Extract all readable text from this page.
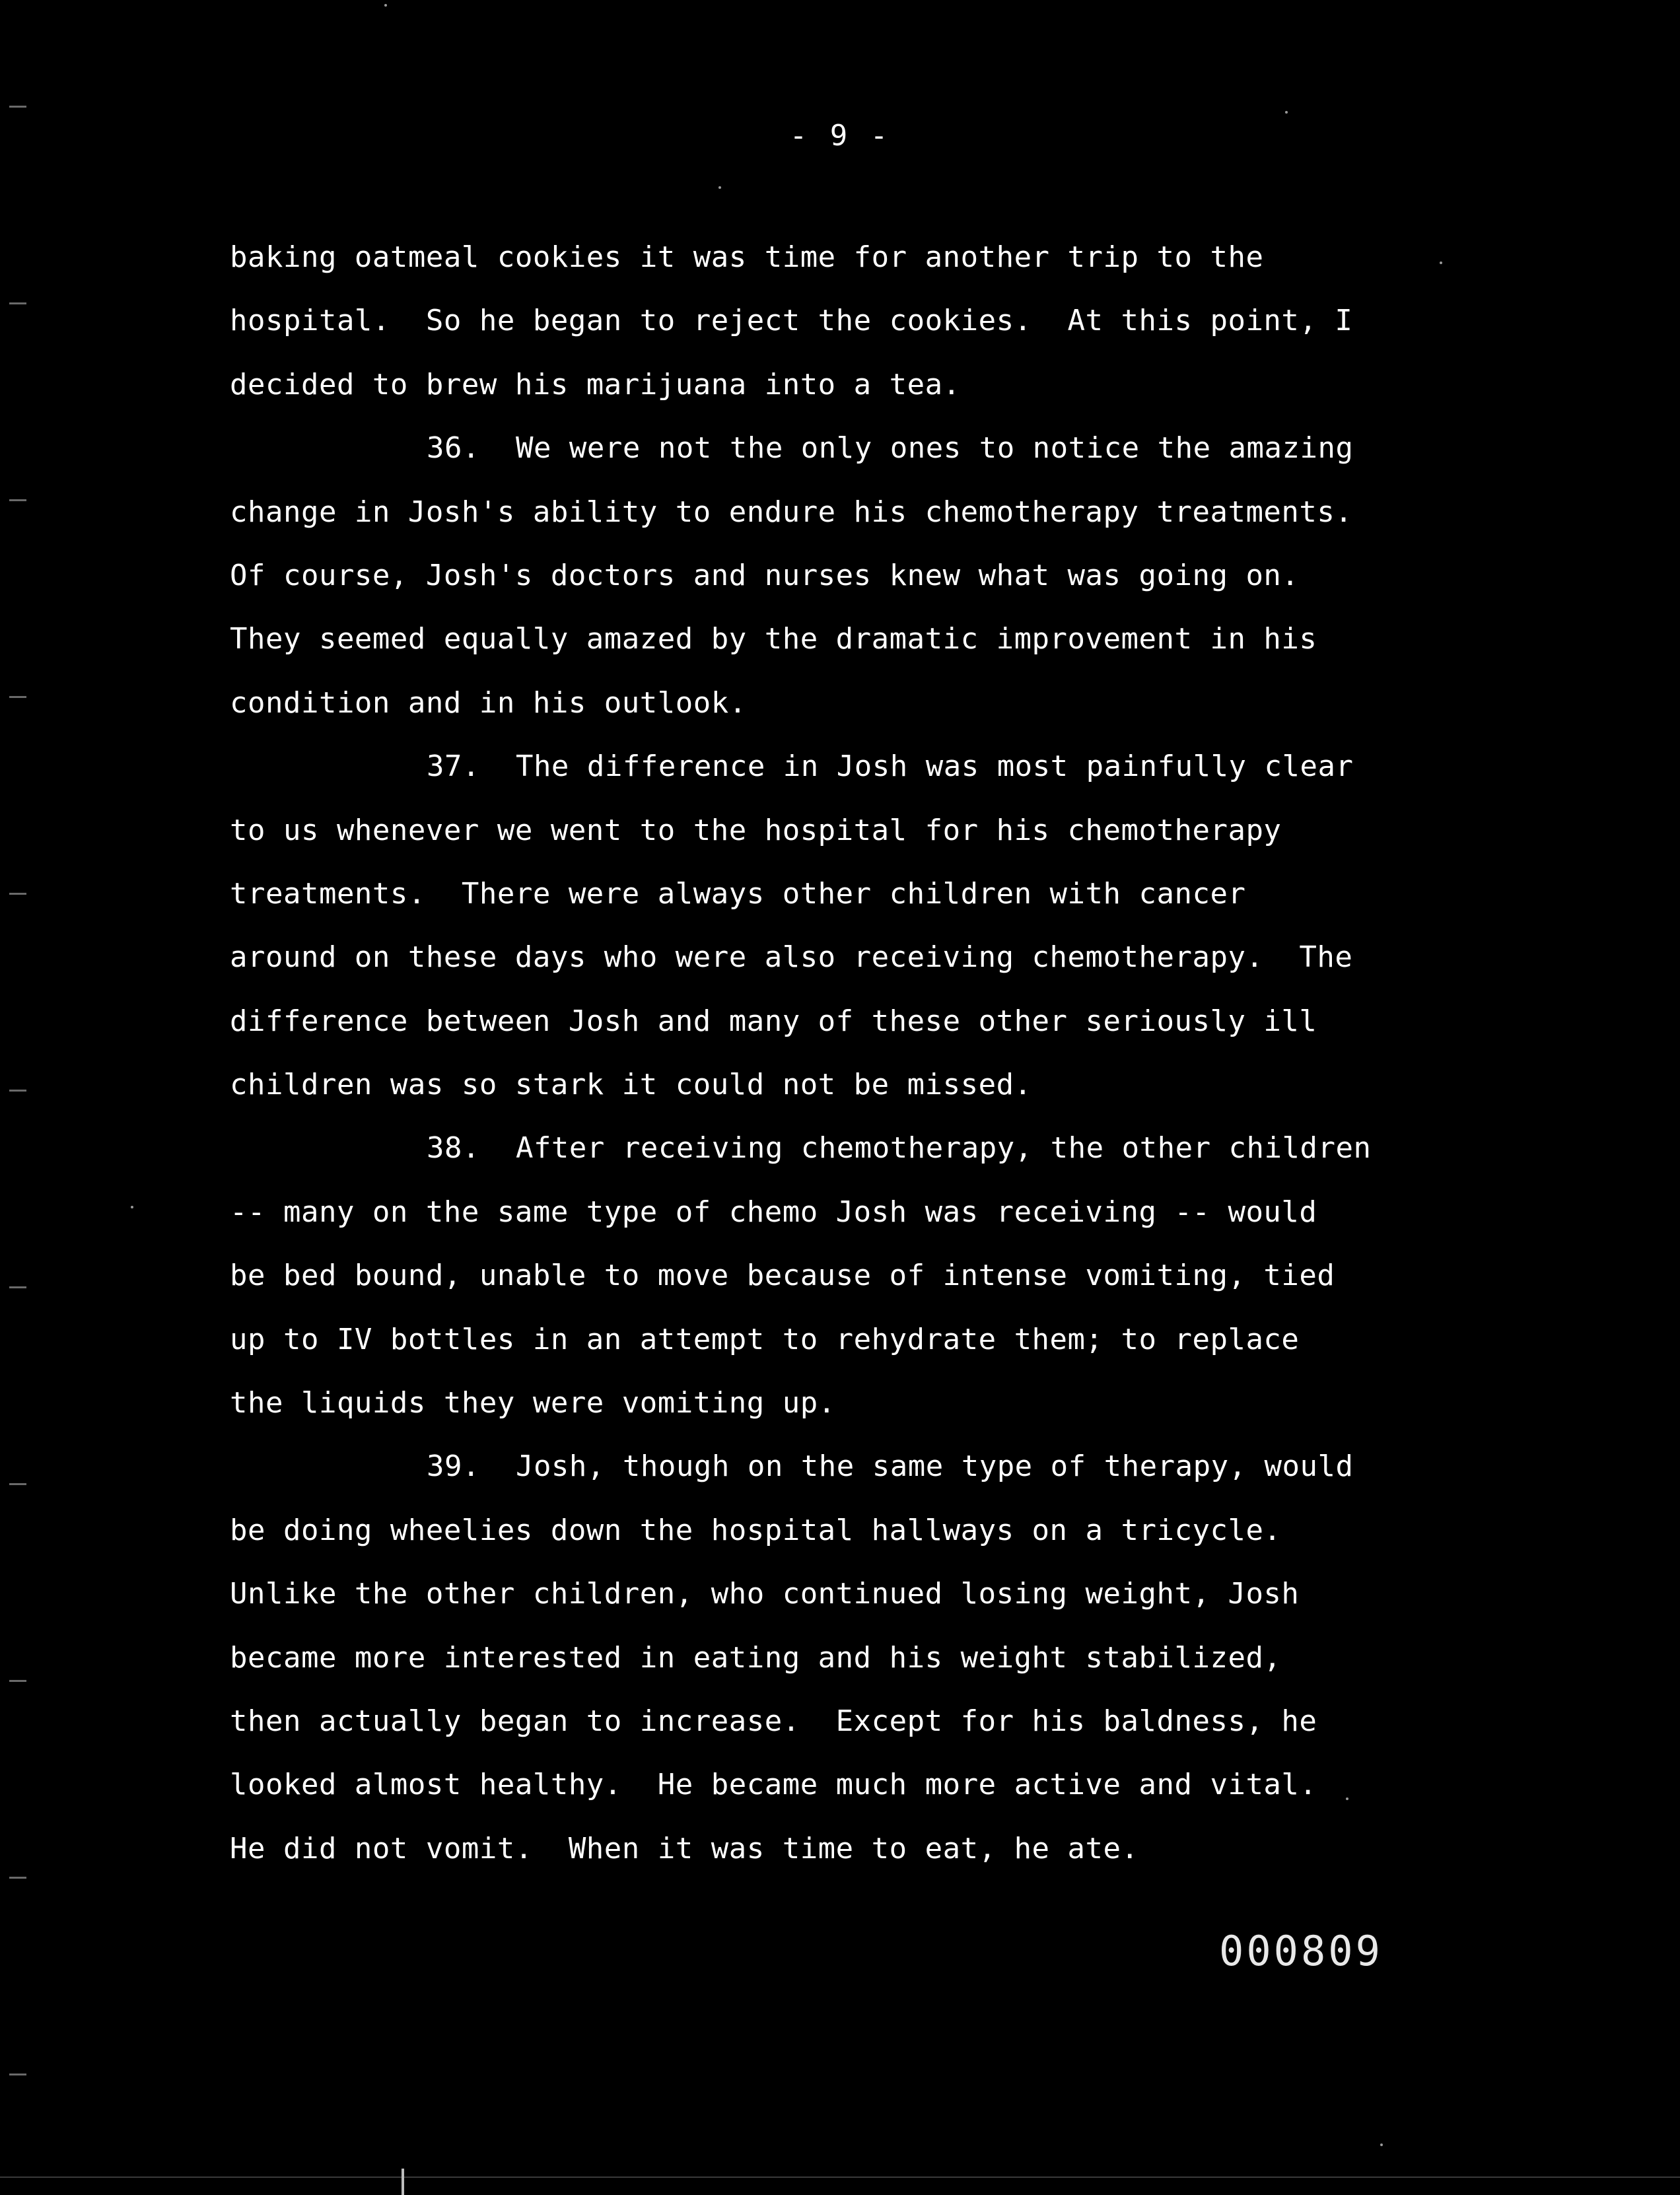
- 9 -
baking oatmeal cookies it was time for another trip to the
hospital.  So he began to reject the cookies.  At this point, I
decided to brew his marijuana into a tea.
36.  We were not the only ones to notice the amazing
change in Josh's ability to endure his chemotherapy treatments.
Of course, Josh's doctors and nurses knew what was going on.
They seemed equally amazed by the dramatic improvement in his
condition and in his outlook.
37.  The difference in Josh was most painfully clear
to us whenever we went to the hospital for his chemotherapy
treatments.  There were always other children with cancer
around on these days who were also receiving chemotherapy.  The
difference between Josh and many of these other seriously ill
children was so stark it could not be missed.
38.  After receiving chemotherapy, the other children
-- many on the same type of chemo Josh was receiving -- would
be bed bound, unable to move because of intense vomiting, tied
up to IV bottles in an attempt to rehydrate them; to replace
the liquids they were vomiting up.
39.  Josh, though on the same type of therapy, would
be doing wheelies down the hospital hallways on a tricycle.
Unlike the other children, who continued losing weight, Josh
became more interested in eating and his weight stabilized,
then actually began to increase.  Except for his baldness, he
looked almost healthy.  He became much more active and vital.
He did not vomit.  When it was time to eat, he ate.
000809
